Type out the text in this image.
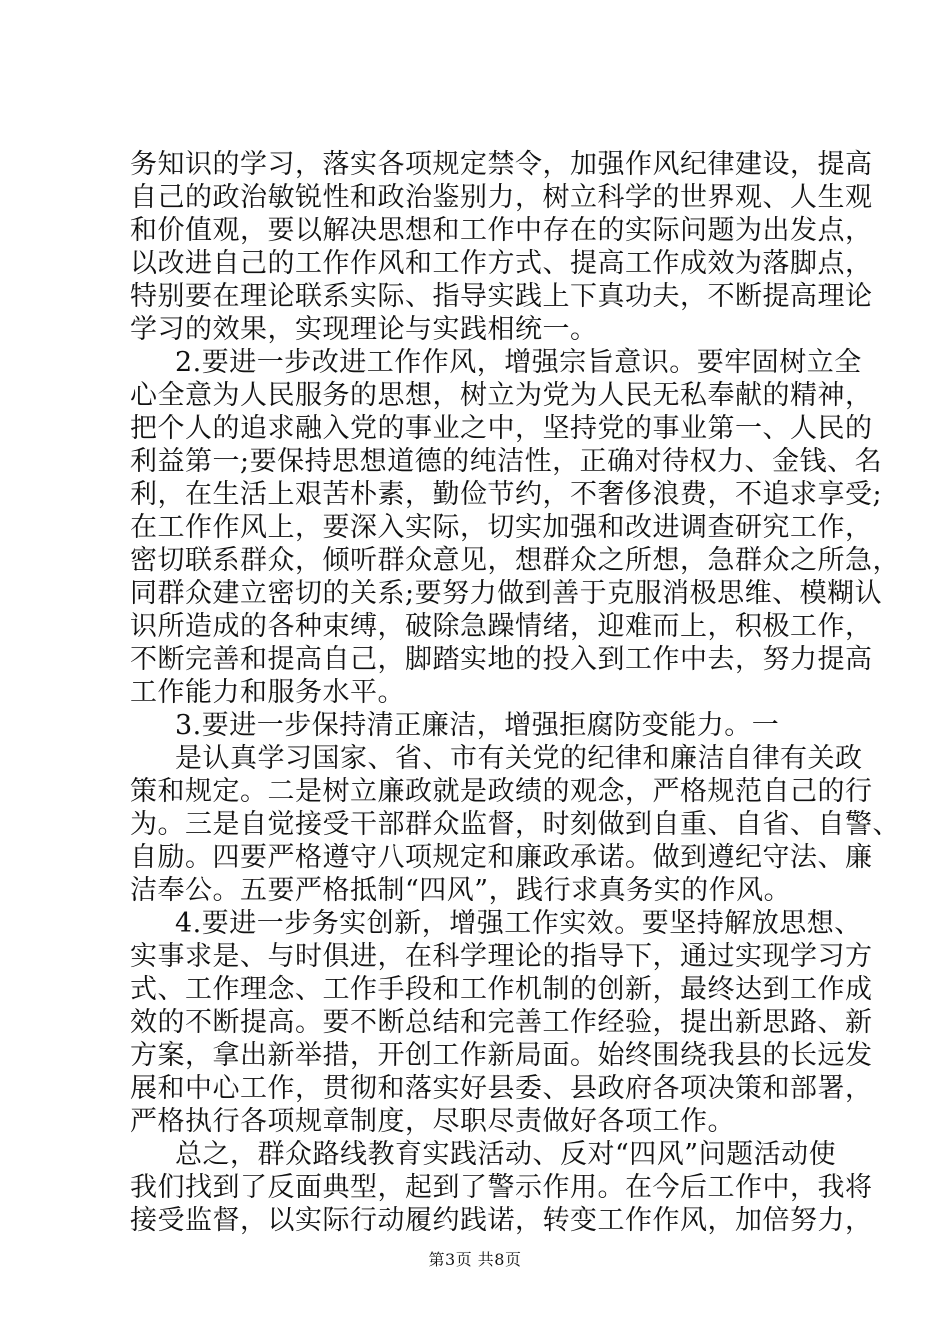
务知识的学习，落实各项规定禁令，加强作风纪律建设，提高
自己的政治敏锐性和政治鉴别力，树立科学的世界观、人生观
和价值观，要以解决思想和工作中存在的实际问题为出发点，
以改进自己的工作作风和工作方式、提高工作成效为落脚点，
特别要在理论联系实际、指导实践上下真功夫，不断提高理论
学习的效果，实现理论与实践相统一。
2.要进一步改进工作作风，增强宗旨意识。要牢固树立全
心全意为人民服务的思想，树立为党为人民无私奉献的精神，
把个人的追求融入党的事业之中，坚持党的事业第一、人民的
利益第一;要保持思想道德的纯洁性，正确对待权力、金钱、名
利，在生活上艰苦朴素，勤俭节约，不奢侈浪费，不追求享受;
在工作作风上，要深入实际，切实加强和改进调查研究工作，
密切联系群众，倾听群众意见，想群众之所想，急群众之所急，
同群众建立密切的关系;要努力做到善于克服消极思维、模糊认
识所造成的各种束缚，破除急躁情绪，迎难而上，积极工作，
不断完善和提高自己，脚踏实地的投入到工作中去，努力提高
工作能力和服务水平。
3.要进一步保持清正廉洁，增强拒腐防变能力。一
是认真学习国家、省、市有关党的纪律和廉洁自律有关政
策和规定。二是树立廉政就是政绩的观念，严格规范自己的行
为。三是自觉接受干部群众监督，时刻做到自重、自省、自警、
自励。四要严格遵守八项规定和廉政承诺。做到遵纪守法、廉
洁奉公。五要严格抵制“四风”，践行求真务实的作风。
4.要进一步务实创新，增强工作实效。要坚持解放思想、
实事求是、与时俱进，在科学理论的指导下，通过实现学习方
式、工作理念、工作手段和工作机制的创新，最终达到工作成
效的不断提高。要不断总结和完善工作经验，提出新思路、新
方案，拿出新举措，开创工作新局面。始终围绕我县的长远发
展和中心工作，贯彻和落实好县委、县政府各项决策和部署，
严格执行各项规章制度，尽职尽责做好各项工作。
总之，群众路线教育实践活动、反对“四风”问题活动使
我们找到了反面典型，起到了警示作用。在今后工作中，我将
接受监督，以实际行动履约践诺，转变工作作风，加倍努力，
第3页 共8页
